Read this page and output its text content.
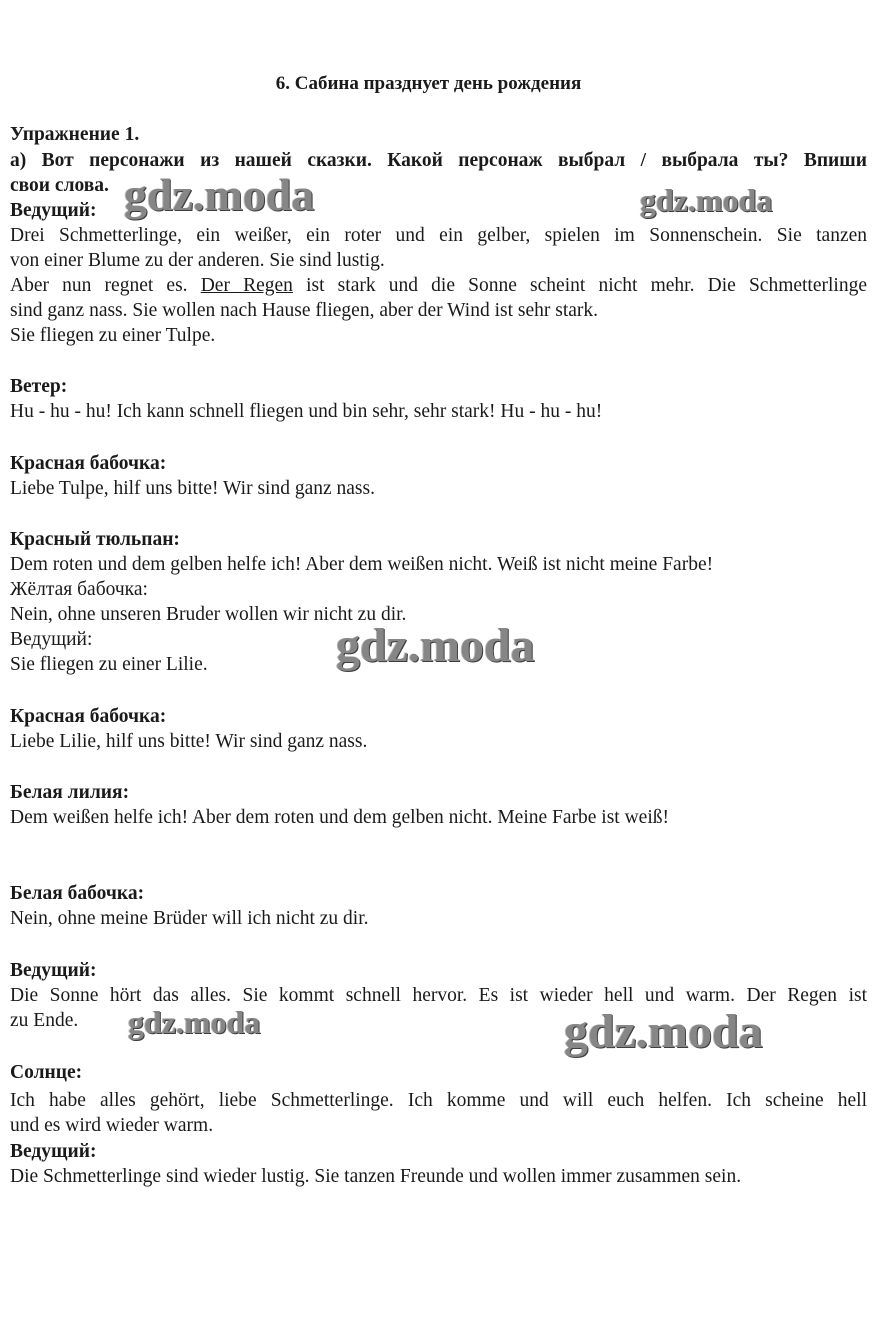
6. Сабина празднует день рождения
Упражнение 1.
а) Вот персонажи из нашей сказки. Какой персонаж выбрал / выбрала ты? Впиши
свои слова.
Ведущий:
Drei Schmetterlinge, ein weißer, ein roter und ein gelber, spielen im Sonnenschein. Sie tanzen
von einer Blume zu der anderen. Sie sind lustig.
Aber nun regnet es. Der Regen ist stark und die Sonne scheint nicht mehr. Die Schmetterlinge
sind ganz nass. Sie wollen nach Hause fliegen, aber der Wind ist sehr stark.
Sie fliegen zu einer Tulpe.
Ветер:
Hu - hu - hu! Ich kann schnell fliegen und bin sehr, sehr stark! Hu - hu - hu!
Красная бабочка:
Liebe Tulpe, hilf uns bitte! Wir sind ganz nass.
Красный тюльпан:
Dem roten und dem gelben helfe ich! Aber dem weißen nicht. Weiß ist nicht meine Farbe!
Жёлтая бабочка:
Nein, ohne unseren Bruder wollen wir nicht zu dir.
Ведущий:
Sie fliegen zu einer Lilie.
Красная бабочка:
Liebe Lilie, hilf uns bitte! Wir sind ganz nass.
Белая лилия:
Dem weißen helfe ich! Aber dem roten und dem gelben nicht. Meine Farbe ist weiß!
Белая бабочка:
Nein, ohne meine Brüder will ich nicht zu dir.
Ведущий:
Die Sonne hört das alles. Sie kommt schnell hervor. Es ist wieder hell und warm. Der Regen ist
zu Ende.
Солнце:
Ich habe alles gehört, liebe Schmetterlinge. Ich komme und will euch helfen. Ich scheine hell
und es wird wieder warm.
Ведущий:
Die Schmetterlinge sind wieder lustig. Sie tanzen Freunde und wollen immer zusammen sein.
gdz.moda	gdz.moda
gdz.moda
gdz.moda	gdz.moda
